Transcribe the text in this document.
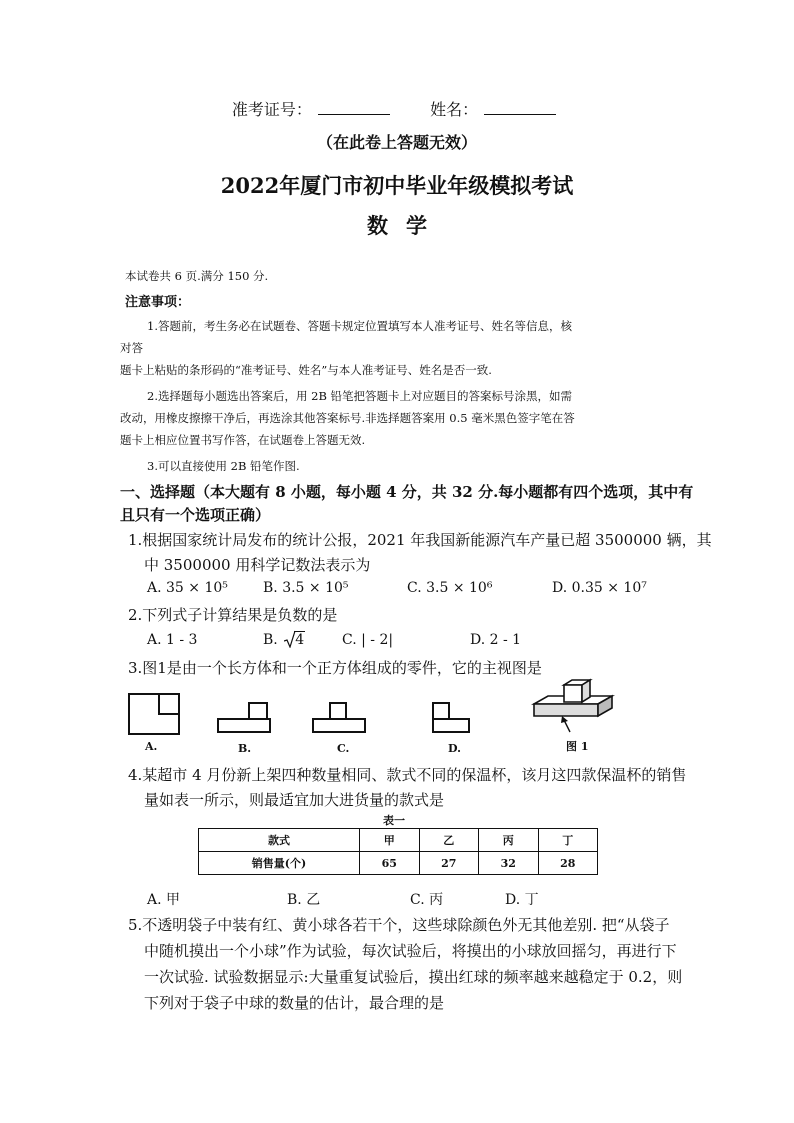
准考证号：	姓名：
（在此卷上答题无效）
2022年厦门市初中毕业年级模拟考试
数学
本试卷共 6 页.满分 150 分.
注意事项：
1.答题前，考生务必在试题卷、答题卡规定位置填写本人准考证号、姓名等信息，核
对答
题卡上粘贴的条形码的“准考证号、姓名”与本人准考证号、姓名是否一致.
2.选择题每小题选出答案后，用 2B 铅笔把答题卡上对应题目的答案标号涂黑，如需
改动，用橡皮擦擦干净后，再选涂其他答案标号.非选择题答案用 0.5 毫米黑色签字笔在答
题卡上相应位置书写作答，在试题卷上答题无效.
3.可以直接使用 2B 铅笔作图.
一、选择题（本大题有 8 小题，每小题 4 分，共 32 分.每小题都有四个选项，其中有
且只有一个选项正确）
1.根据国家统计局发布的统计公报，2021 年我国新能源汽车产量已超 3500000 辆，其
中 3500000 用科学记数法表示为
A. 35 × 10⁵	B. 3.5 × 10⁵	C. 3.5 × 10⁶	D. 0.35 × 10⁷
2.下列式子计算结果是负数的是
A. 1 - 3	B. 4	C. | - 2|	D. 2 - 1
3.图1是由一个长方体和一个正方体组成的零件，它的主视图是
A.	B.	C.	D.	图 1
4.某超市 4 月份新上架四种数量相同、款式不同的保温杯，该月这四款保温杯的销售
量如表一所示，则最适宜加大进货量的款式是
表一
款式	甲	乙	丙	丁
销售量(个)	65	27	32	28
A. 甲	B. 乙	C. 丙	D. 丁
5.不透明袋子中装有红、黄小球各若干个，这些球除颜色外无其他差别. 把“从袋子
中随机摸出一个小球”作为试验，每次试验后，将摸出的小球放回摇匀，再进行下
一次试验. 试验数据显示:大量重复试验后，摸出红球的频率越来越稳定于 0.2，则
下列对于袋子中球的数量的估计，最合理的是
